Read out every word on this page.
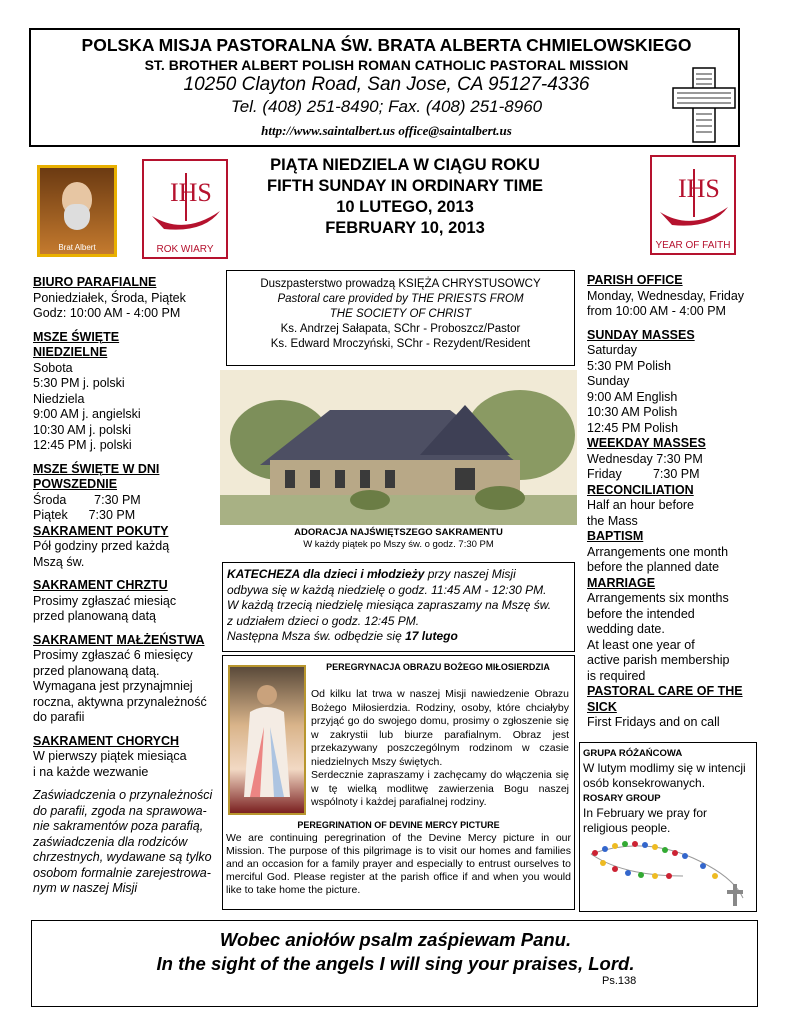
POLSKA MISJA PASTORALNA ŚW. BRATA ALBERTA CHMIELOWSKIEGO
ST. BROTHER ALBERT POLISH ROMAN CATHOLIC PASTORAL MISSION
10250 Clayton Road, San Jose, CA 95127-4336
Tel. (408) 251-8490; Fax. (408) 251-8960
http://www.saintalbert.us office@saintalbert.us
Brat Albert
IHS
ROK WIARY
IHS
YEAR OF FAITH
PIĄTA NIEDZIELA W CIĄGU ROKU
FIFTH SUNDAY IN ORDINARY TIME
10 LUTEGO, 2013
FEBRUARY 10, 2013

BIURO PARAFIALNE

Poniedziałek, Środa, Piątek

Godz: 10:00 AM - 4:00 PM

MSZE ŚWIĘTE

NIEDZIELNE

Sobota

5:30 PM j. polski

Niedziela

9:00 AM j. angielski

10:30 AM j. polski

12:45 PM j. polski

MSZE ŚWIĘTE W DNI

POWSZEDNIE

Środa        7:30 PM

Piątek      7:30 PM

SAKRAMENT POKUTY

Pół godziny przed każdą

Mszą św.

SAKRAMENT CHRZTU

Prosimy zgłaszać miesiąc

przed planowaną datą

SAKRAMENT MAŁŻEŃSTWA

Prosimy zgłaszać 6 miesięcy

przed planowaną datą.

Wymagana jest przynajmniej

roczna, aktywna przynależność

do parafii

SAKRAMENT CHORYCH

W pierwszy piątek miesiąca

i na każde wezwanie

Zaświadczenia o przynależności

do parafii, zgoda na sprawowa-

nie sakramentów poza parafią,

zaświadczenia dla rodziców

chrzestnych, wydawane są tylko

osobom formalnie zarejestrowa-

nym w naszej Misji

Duszpasterstwo prowadzą KSIĘŻA CHRYSTUSOWCY
Pastoral care provided by THE PRIESTS FROM
THE SOCIETY OF CHRIST
Ks. Andrzej Sałapata, SChr - Proboszcz/Pastor
Ks. Edward Mroczyński, SChr - Rezydent/Resident
ADORACJA NAJŚWIĘTSZEGO SAKRAMENTU
W każdy piątek po Mszy św. o godz. 7:30 PM
KATECHEZA dla dzieci i młodzieży przy naszej Misji
odbywa się w każdą niedzielę o godz. 11:45 AM - 12:30 PM.
W każdą trzecią niedzielę miesiąca zapraszamy na Mszę św.
z udziałem dzieci o godz. 12:45 PM.
Następna Msza św. odbędzie się 17 lutego
PEREGRYNACJA OBRAZU BOŻEGO MIŁOSIERDZIA
Od kilku lat trwa w naszej Misji nawiedzenie Obrazu Bożego Miłosierdzia. Rodziny, osoby, które chciałyby przyjąć go do swojego domu, prosimy o zgłoszenie się w zakrystii lub biurze parafialnym. Obraz jest przekazywany poszczególnym rodzinom w czasie niedzielnych Mszy świętych.
Serdecznie zapraszamy i zachęcamy do włączenia się w tę wielką modlitwę zawierzenia Bogu naszej wspólnoty i każdej parafialnej rodziny.
PEREGRINATION OF DEVINE MERCY PICTURE
We are continuing peregrination of the Devine Mercy picture in our Mission. The purpose of this pilgrimage is to visit our homes and families and an occasion for a family prayer and especially to entrust ourselves to merciful God. Please register at the parish office if and when you would like to take home the picture.

PARISH OFFICE

Monday, Wednesday, Friday

from 10:00 AM - 4:00 PM

SUNDAY MASSES

Saturday

5:30 PM Polish

Sunday

9:00 AM English

10:30 AM Polish

12:45 PM Polish

WEEKDAY MASSES

Wednesday 7:30 PM

Friday         7:30 PM

RECONCILIATION

Half an hour before

the Mass

BAPTISM

Arrangements one month

before the planned date

MARRIAGE

Arrangements six months

before the intended

wedding date.

At least one year of

active parish membership

is required

PASTORAL CARE OF THE

SICK

First Fridays and on call

GRUPA RÓŻAŃCOWA
W lutym modlimy się w intencji osób konsekrowanych.
ROSARY GROUP
In February we pray for religious people.
Wobec aniołów psalm zaśpiewam Panu.
In the sight of the angels I will sing your praises, Lord.
Ps.138
